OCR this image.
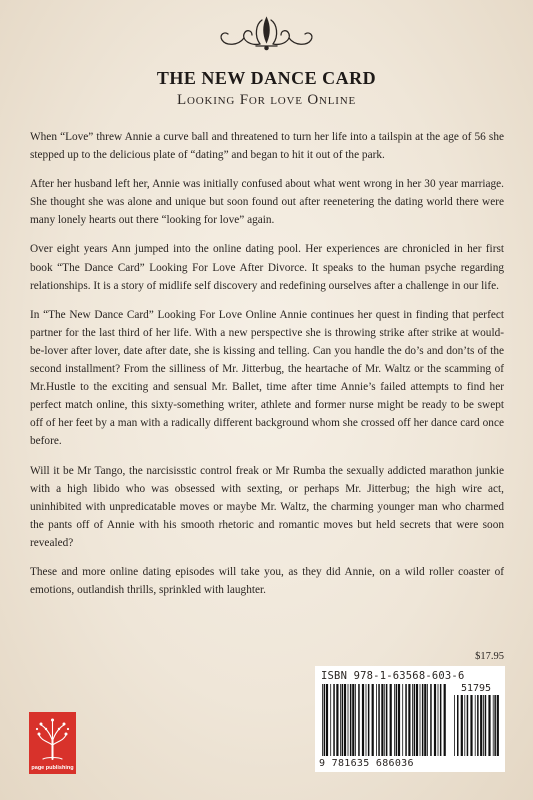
THE NEW DANCE CARD
Looking For love Online

When “Love” threw Annie a curve ball and threatened to turn her life into a tailspin at the age of 56 she stepped up to the delicious plate of “dating” and began to hit it out of the park.

After her husband left her, Annie was initially confused about what went wrong in her 30 year marriage. She thought she was alone and unique but soon found out after reenetering the dating world there were many lonely hearts out there “looking for love” again.

Over eight years Ann jumped into the online dating pool. Her experiences are chronicled in her first book “The Dance Card” Looking For Love After Divorce. It speaks to the human psyche regarding relationships. It is a story of midlife self discovery and redefining ourselves after a challenge in our life.

In “The New Dance Card” Looking For Love Online Annie continues her quest in finding that perfect partner for the last third of her life. With a new perspective she is throwing strike after strike at would-be-lover after lover, date after date, she is kissing and telling. Can you handle the do’s and don’ts of the second installment? From the silliness of Mr. Jitterbug, the heartache of Mr. Waltz or the scamming of Mr.Hustle to the exciting and sensual Mr. Ballet, time after time Annie’s failed attempts to find her perfect match online, this sixty-something writer, athlete and former nurse might be ready to be swept off of her feet by a man with a radically different background whom she crossed off her dance card once before.

Will it be Mr Tango, the narcisisstic control freak or Mr Rumba the sexually addicted marathon junkie with a high libido who was obsessed with sexting, or perhaps Mr. Jitterbug; the high wire act, uninhibited with unpredicatable moves or maybe Mr. Waltz, the charming younger man who charmed the pants off of Annie with his smooth rhetoric and romantic moves but held secrets that were soon revealed?

These and more online dating episodes will take you, as they did Annie, on a wild roller coaster of emotions, outlandish thrills, sprinkled with laughter.

$17.95
ISBN 978-1-63568-603-6
51795
9 781635 686036
page publishing
